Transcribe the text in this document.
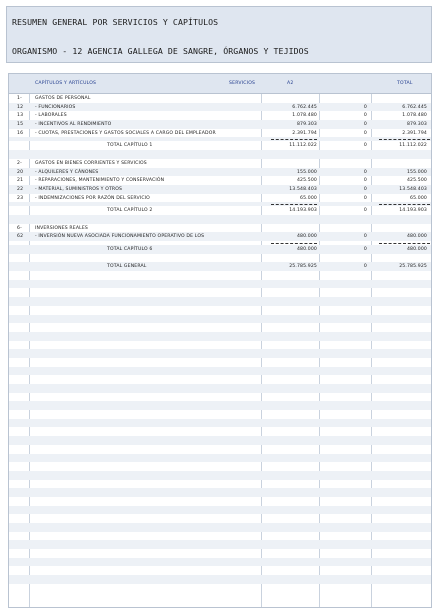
RESUMEN GENERAL POR SERVICIOS Y CAPÍTULOS
ORGANISMO - 12 AGENCIA GALLEGA DE SANGRE, ÓRGANOS Y TEJIDOS
CAPÍTULOS Y ARTÍCULOS	SERVICIOS	A2	TOTAL
1-	GASTOS DE PERSONAL
12	- FUNCIONARIOS	6.762.445	0	6.762.445
13	- LABORALES	1.078.480	0	1.078.480
15	- INCENTIVOS AL RENDIMIENTO	879.303	0	879.303
16	- CUOTAS, PRESTACIONES Y GASTOS SOCIALES A CARGO DEL EMPLEADOR	2.391.794	0	2.391.794
TOTAL CAPÍTULO 1	11.112.022	0	11.112.022
2-	GASTOS EN BIENES CORRIENTES Y SERVICIOS
20	- ALQUILERES Y CÁNONES	155.000	0	155.000
21	- REPARACIONES, MANTENIMIENTO Y CONSERVACIÓN	425.500	0	425.500
22	- MATERIAL, SUMINISTROS Y OTROS	13.548.403	0	13.548.403
23	- INDEMNIZACIONES POR RAZÓN DEL SERVICIO	65.000	0	65.000
TOTAL CAPÍTULO 2	14.193.903	0	14.193.903
6-	INVERSIONES REALES
62	- INVERSIÓN NUEVA ASOCIADA FUNCIONAMIENTO OPERATIVO DE LOS	480.000	0	480.000
TOTAL CAPÍTULO 6	480.000	0	480.000
TOTAL GENERAL	25.785.925	0	25.785.925
